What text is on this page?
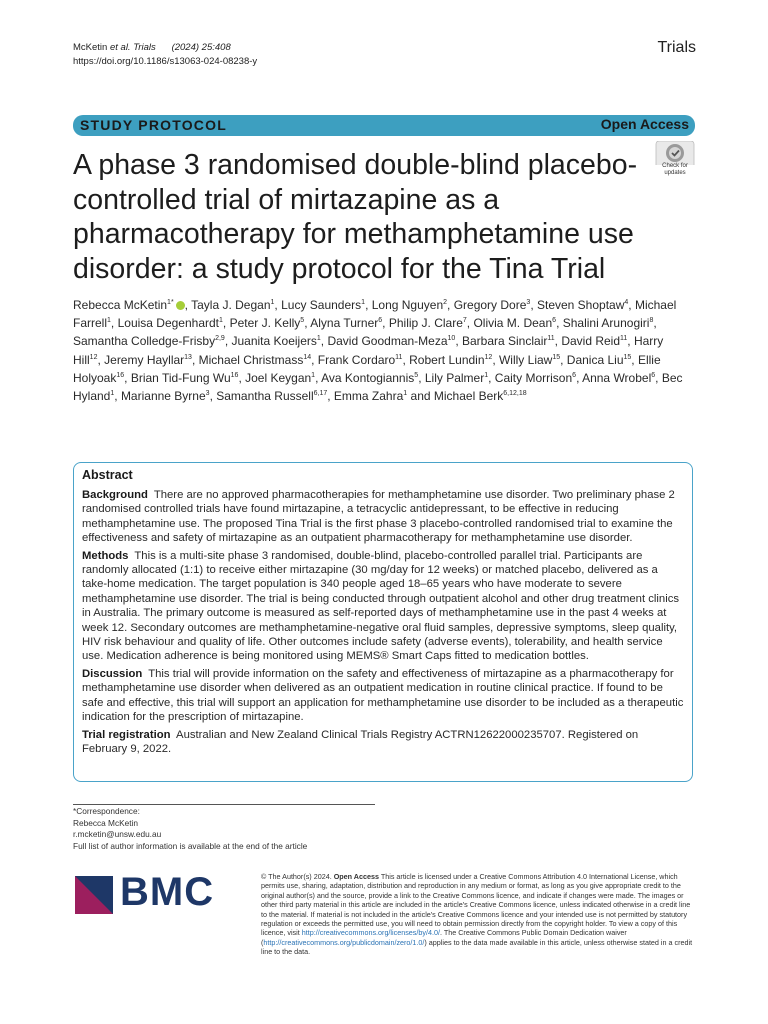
McKetin et al. Trials (2024) 25:408
https://doi.org/10.1186/s13063-024-08238-y
Trials
STUDY PROTOCOL	Open Access
A phase 3 randomised double-blind placebo-controlled trial of mirtazapine as a pharmacotherapy for methamphetamine use disorder: a study protocol for the Tina Trial
Check for
updates
Rebecca McKetin$^{1*}$ , Tayla J. Degan$^1$, Lucy Saunders$^1$, Long Nguyen$^2$, Gregory Dore$^3$, Steven Shoptaw$^4$, Michael Farrell$^1$, Louisa Degenhardt$^1$, Peter J. Kelly$^5$, Alyna Turner$^6$, Philip J. Clare$^7$, Olivia M. Dean$^6$, Shalini Arunogiri$^8$, Samantha Colledge-Frisby$^{2,9}$, Juanita Koeijers$^1$, David Goodman-Meza$^{10}$, Barbara Sinclair$^{11}$, David Reid$^{11}$, Harry Hill$^{12}$, Jeremy Hayllar$^{13}$, Michael Christmass$^{14}$, Frank Cordaro$^{11}$, Robert Lundin$^{12}$, Willy Liaw$^{15}$, Danica Liu$^{15}$, Ellie Holyoak$^{16}$, Brian Tid-Fung Wu$^{16}$, Joel Keygan$^1$, Ava Kontogiannis$^5$, Lily Palmer$^1$, Caity Morrison$^6$, Anna Wrobel$^6$, Bec Hyland$^1$, Marianne Byrne$^3$, Samantha Russell$^{6,17}$, Emma Zahra$^1$ and Michael Berk$^{6,12,18}$
Abstract

Background There are no approved pharmacotherapies for methamphetamine use disorder. Two preliminary phase 2 randomised controlled trials have found mirtazapine, a tetracyclic antidepressant, to be effective in reducing methamphetamine use. The proposed Tina Trial is the first phase 3 placebo-controlled randomised trial to examine the effectiveness and safety of mirtazapine as an outpatient pharmacotherapy for methamphetamine use disorder.

Methods This is a multi-site phase 3 randomised, double-blind, placebo-controlled parallel trial. Participants are randomly allocated (1:1) to receive either mirtazapine (30 mg/day for 12 weeks) or matched placebo, delivered as a take-home medication. The target population is 340 people aged 18–65 years who have moderate to severe methamphetamine use disorder. The trial is being conducted through outpatient alcohol and other drug treatment clinics in Australia. The primary outcome is measured as self-reported days of methamphetamine use in the past 4 weeks at week 12. Secondary outcomes are methamphetamine-negative oral fluid samples, depressive symptoms, sleep quality, HIV risk behaviour and quality of life. Other outcomes include safety (adverse events), tolerability, and health service use. Medication adherence is being monitored using MEMS® Smart Caps fitted to medication bottles.

Discussion This trial will provide information on the safety and effectiveness of mirtazapine as a pharmacotherapy for methamphetamine use disorder when delivered as an outpatient medication in routine clinical practice. If found to be safe and effective, this trial will support an application for methamphetamine use disorder to be included as a therapeutic indication for the prescription of mirtazapine.

Trial registration Australian and New Zealand Clinical Trials Registry ACTRN12622000235707. Registered on February 9, 2022.

*Correspondence:
Rebecca McKetin
r.mcketin@unsw.edu.au
Full list of author information is available at the end of the article
BMC	© The Author(s) 2024. Open Access This article is licensed under a Creative Commons Attribution 4.0 International License, which permits use, sharing, adaptation, distribution and reproduction in any medium or format, as long as you give appropriate credit to the original author(s) and the source, provide a link to the Creative Commons licence, and indicate if changes were made. The images or other third party material in this article are included in the article's Creative Commons licence, unless indicated otherwise in a credit line to the material. If material is not included in the article's Creative Commons licence and your intended use is not permitted by statutory regulation or exceeds the permitted use, you will need to obtain permission directly from the copyright holder. To view a copy of this licence, visit http://creativecommons.org/licenses/by/4.0/. The Creative Commons Public Domain Dedication waiver (http://creativecommons.org/publicdomain/zero/1.0/) applies to the data made available in this article, unless otherwise stated in a credit line to the data.
